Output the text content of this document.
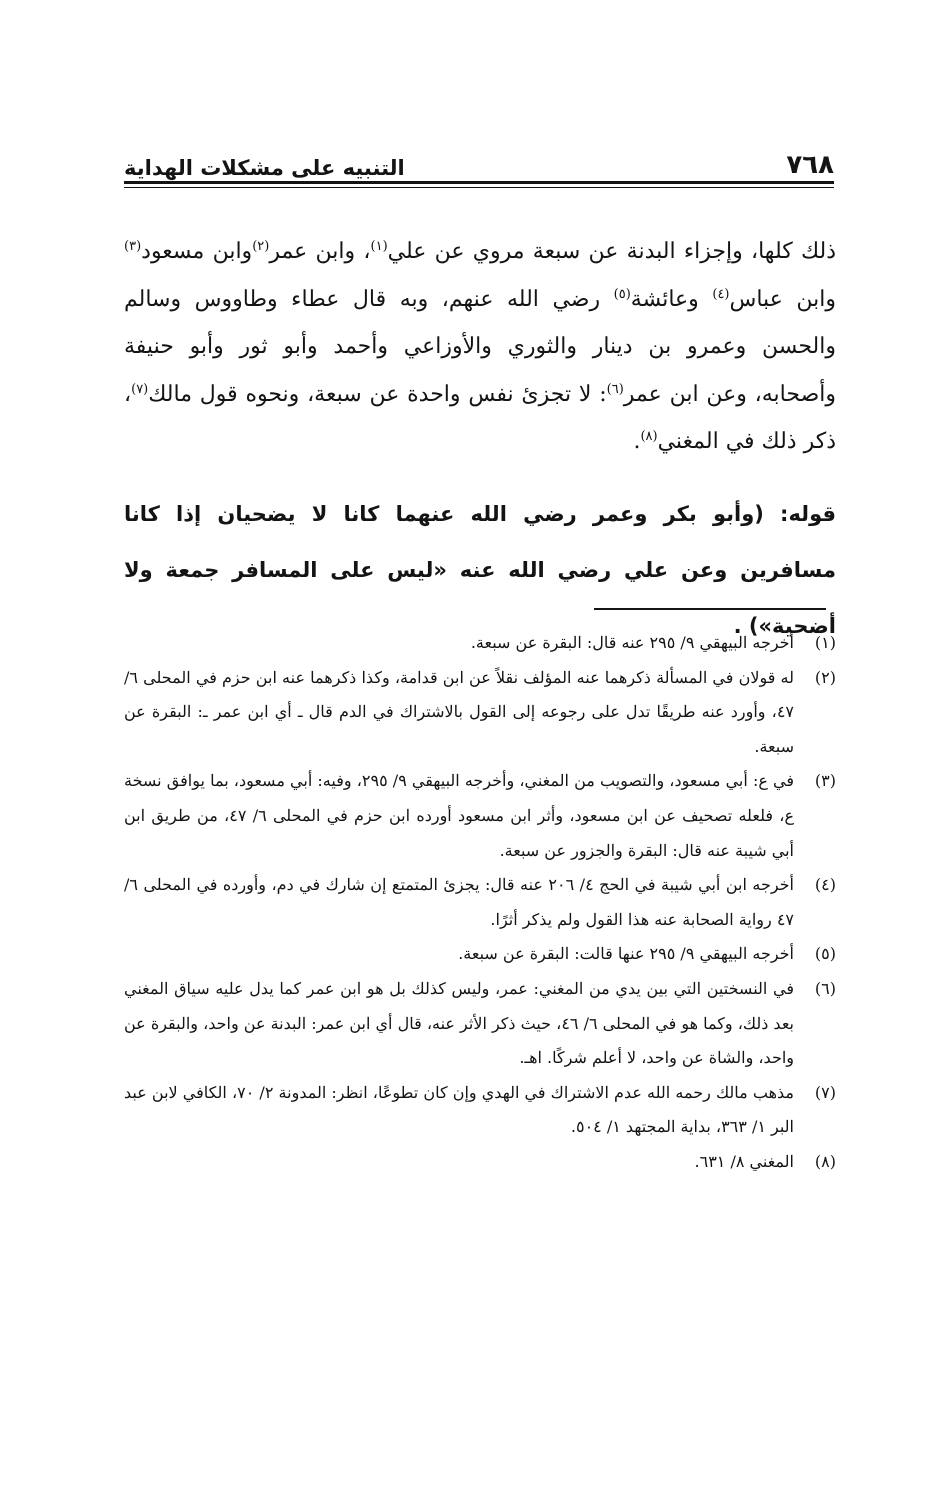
٧٦٨
التنبيه على مشكلات الهداية

ذلك كلها، وإجزاء البدنة عن سبعة مروي عن علي$^{(١)}$، وابن عمر$^{(٢)}$وابن مسعود$^{(٣)}$ وابن عباس$^{(٤)}$ وعائشة$^{(٥)}$ رضي الله عنهم، وبه قال عطاء وطاووس وسالم والحسن وعمرو بن دينار والثوري والأوزاعي وأحمد وأبو ثور وأبو حنيفة وأصحابه، وعن ابن عمر$^{(٦)}$: لا تجزئ نفس واحدة عن سبعة، ونحوه قول مالك$^{(٧)}$، ذكر ذلك في المغني$^{(٨)}$.

قوله: (وأبو بكر وعمر رضي الله عنهما كانا لا يضحيان إذا كانا مسافرين وعن علي رضي الله عنه «ليس على المسافر جمعة ولا أضحية») .

(١)
أخرجه البيهقي ٩/ ٢٩٥ عنه قال: البقرة عن سبعة.
(٢)
له قولان في المسألة ذكرهما عنه المؤلف نقلاً عن ابن قدامة، وكذا ذكرهما عنه ابن حزم في المحلى ٦/ ٤٧، وأورد عنه طريقًا تدل على رجوعه إلى القول بالاشتراك في الدم قال ـ أي ابن عمر ـ: البقرة عن سبعة.
(٣)
في ع: أبي مسعود، والتصويب من المغني، وأخرجه البيهقي ٩/ ٢٩٥، وفيه: أبي مسعود، بما يوافق نسخة ع، فلعله تصحيف عن ابن مسعود، وأثر ابن مسعود أورده ابن حزم في المحلى ٦/ ٤٧، من طريق ابن أبي شيبة عنه قال: البقرة والجزور عن سبعة.
(٤)
أخرجه ابن أبي شيبة في الحج ٤/ ٢٠٦ عنه قال: يجزئ المتمتع إن شارك في دم، وأورده في المحلى ٦/ ٤٧ رواية الصحابة عنه هذا القول ولم يذكر أثرًا.
(٥)
أخرجه البيهقي ٩/ ٢٩٥ عنها قالت: البقرة عن سبعة.
(٦)
في النسختين التي بين يدي من المغني: عمر، وليس كذلك بل هو ابن عمر كما يدل عليه سياق المغني بعد ذلك، وكما هو في المحلى ٦/ ٤٦، حيث ذكر الأثر عنه، قال أي ابن عمر: البدنة عن واحد، والبقرة عن واحد، والشاة عن واحد، لا أعلم شركًا. اهـ.
(٧)
مذهب مالك رحمه الله عدم الاشتراك في الهدي وإن كان تطوعًا، انظر: المدونة ٢/ ٧٠، الكافي لابن عبد البر ١/ ٣٦٣، بداية المجتهد ١/ ٥٠٤.
(٨)
المغني ٨/ ٦٣١.
